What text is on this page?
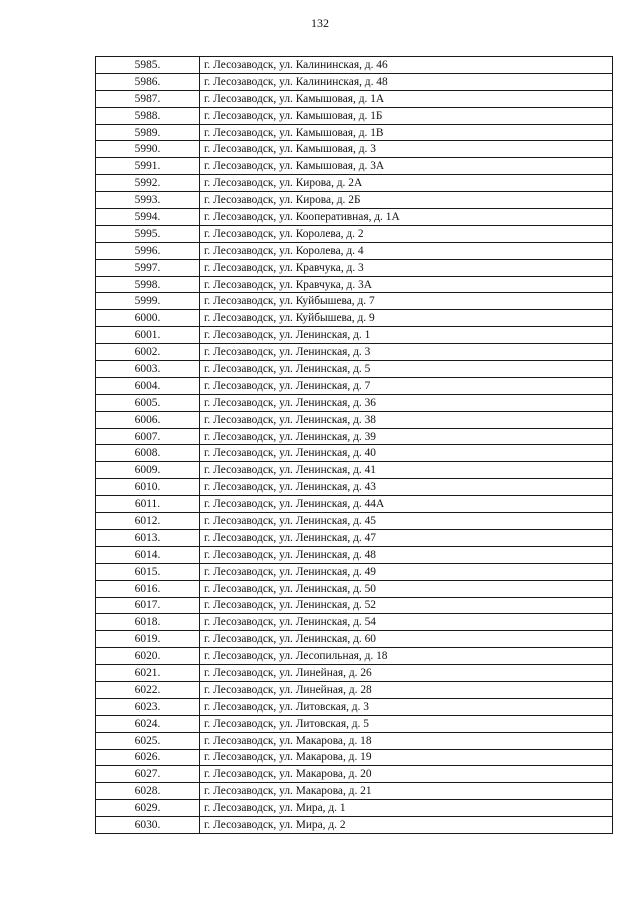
132
5985.	г. Лесозаводск, ул. Калининская, д. 46
5986.	г. Лесозаводск, ул. Калининская, д. 48
5987.	г. Лесозаводск, ул. Камышовая, д. 1А
5988.	г. Лесозаводск, ул. Камышовая, д. 1Б
5989.	г. Лесозаводск, ул. Камышовая, д. 1В
5990.	г. Лесозаводск, ул. Камышовая, д. 3
5991.	г. Лесозаводск, ул. Камышовая, д. 3А
5992.	г. Лесозаводск, ул. Кирова, д. 2А
5993.	г. Лесозаводск, ул. Кирова, д. 2Б
5994.	г. Лесозаводск, ул. Кооперативная, д. 1А
5995.	г. Лесозаводск, ул. Королева, д. 2
5996.	г. Лесозаводск, ул. Королева, д. 4
5997.	г. Лесозаводск, ул. Кравчука, д. 3
5998.	г. Лесозаводск, ул. Кравчука, д. 3А
5999.	г. Лесозаводск, ул. Куйбышева, д. 7
6000.	г. Лесозаводск, ул. Куйбышева, д. 9
6001.	г. Лесозаводск, ул. Ленинская, д. 1
6002.	г. Лесозаводск, ул. Ленинская, д. 3
6003.	г. Лесозаводск, ул. Ленинская, д. 5
6004.	г. Лесозаводск, ул. Ленинская, д. 7
6005.	г. Лесозаводск, ул. Ленинская, д. 36
6006.	г. Лесозаводск, ул. Ленинская, д. 38
6007.	г. Лесозаводск, ул. Ленинская, д. 39
6008.	г. Лесозаводск, ул. Ленинская, д. 40
6009.	г. Лесозаводск, ул. Ленинская, д. 41
6010.	г. Лесозаводск, ул. Ленинская, д. 43
6011.	г. Лесозаводск, ул. Ленинская, д. 44А
6012.	г. Лесозаводск, ул. Ленинская, д. 45
6013.	г. Лесозаводск, ул. Ленинская, д. 47
6014.	г. Лесозаводск, ул. Ленинская, д. 48
6015.	г. Лесозаводск, ул. Ленинская, д. 49
6016.	г. Лесозаводск, ул. Ленинская, д. 50
6017.	г. Лесозаводск, ул. Ленинская, д. 52
6018.	г. Лесозаводск, ул. Ленинская, д. 54
6019.	г. Лесозаводск, ул. Ленинская, д. 60
6020.	г. Лесозаводск, ул. Лесопильная, д. 18
6021.	г. Лесозаводск, ул. Линейная, д. 26
6022.	г. Лесозаводск, ул. Линейная, д. 28
6023.	г. Лесозаводск, ул. Литовская, д. 3
6024.	г. Лесозаводск, ул. Литовская, д. 5
6025.	г. Лесозаводск, ул. Макарова, д. 18
6026.	г. Лесозаводск, ул. Макарова, д. 19
6027.	г. Лесозаводск, ул. Макарова, д. 20
6028.	г. Лесозаводск, ул. Макарова, д. 21
6029.	г. Лесозаводск, ул. Мира, д. 1
6030.	г. Лесозаводск, ул. Мира, д. 2
